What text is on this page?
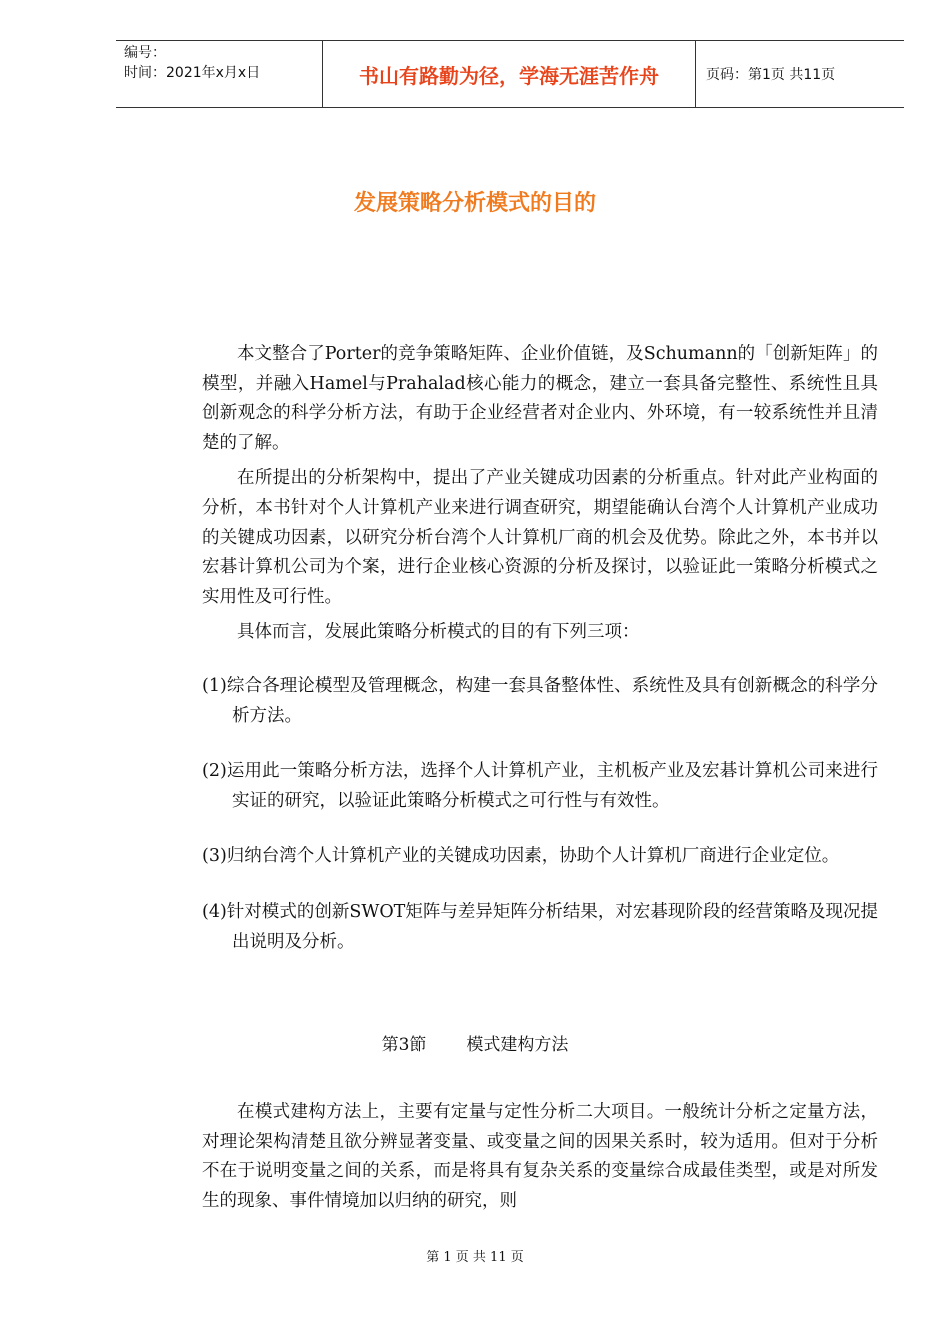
编号：
时间：2021年x月x日	书山有路勤为径，学海无涯苦作舟	页码：第1页 共11页
发展策略分析模式的目的

本文整合了Porter的竞争策略矩阵、企业价值链，及Schumann的「创新矩阵」的模型，并融入Hamel与Prahalad核心能力的概念，建立一套具备完整性、系统性且具创新观念的科学分析方法，有助于企业经营者对企业内、外环境，有一较系统性并且清楚的了解。

在所提出的分析架构中，提出了产业关键成功因素的分析重点。针对此产业构面的分析，本书针对个人计算机产业来进行调查研究，期望能确认台湾个人计算机产业成功的关键成功因素，以研究分析台湾个人计算机厂商的机会及优势。除此之外，本书并以宏碁计算机公司为个案，进行企业核心资源的分析及探讨，以验证此一策略分析模式之实用性及可行性。

具体而言，发展此策略分析模式的目的有下列三项：

(1)综合各理论模型及管理概念，构建一套具备整体性、系统性及具有创新概念的科学分析方法。

(2)运用此一策略分析方法，选择个人计算机产业，主机板产业及宏碁计算机公司来进行实证的研究，以验证此策略分析模式之可行性与有效性。

(3)归纳台湾个人计算机产业的关键成功因素，协助个人计算机厂商进行企业定位。

(4)针对模式的创新SWOT矩阵与差异矩阵分析结果，对宏碁现阶段的经营策略及现况提出说明及分析。

第3節 模式建构方法

在模式建构方法上，主要有定量与定性分析二大项目。一般统计分析之定量方法，对理论架构清楚且欲分辨显著变量、或变量之间的因果关系时，较为适用。但对于分析不在于说明变量之间的关系，而是将具有复杂关系的变量综合成最佳类型，或是对所发生的现象、事件情境加以归纳的研究，则

第 1 页 共 11 页
